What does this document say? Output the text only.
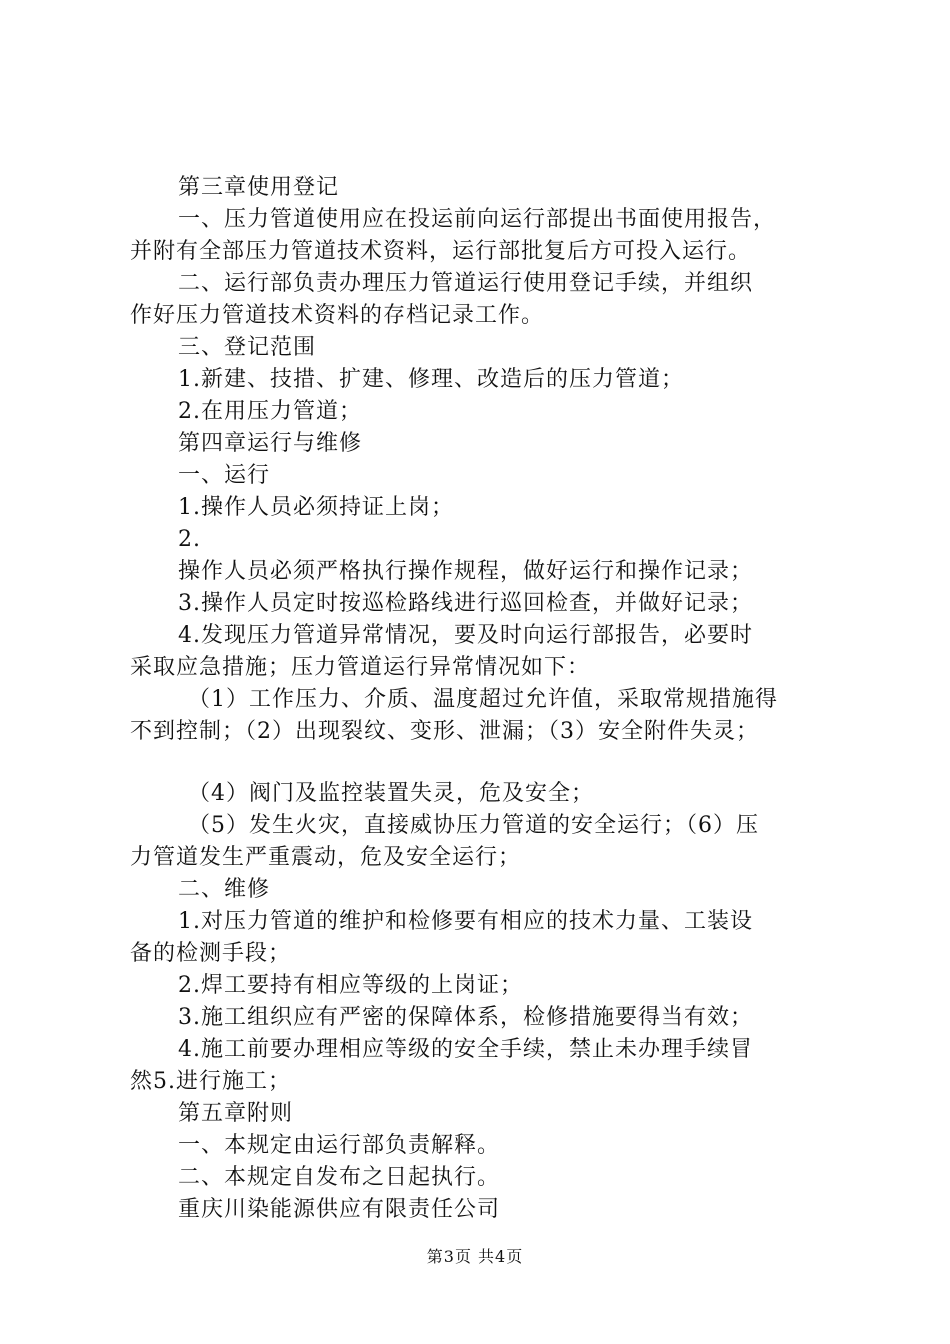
第三章使用登记
一、压力管道使用应在投运前向运行部提出书面使用报告，
并附有全部压力管道技术资料，运行部批复后方可投入运行。
二、运行部负责办理压力管道运行使用登记手续，并组织
作好压力管道技术资料的存档记录工作。
三、登记范围
1.新建、技措、扩建、修理、改造后的压力管道；
2.在用压力管道；
第四章运行与维修
一、运行
1.操作人员必须持证上岗；
2.
操作人员必须严格执行操作规程，做好运行和操作记录；
3.操作人员定时按巡检路线进行巡回检查，并做好记录；
4.发现压力管道异常情况，要及时向运行部报告，必要时
采取应急措施；压力管道运行异常情况如下：
（1）工作压力、介质、温度超过允许值，采取常规措施得
不到控制；（2）出现裂纹、变形、泄漏；（3）安全附件失灵；
（4）阀门及监控装置失灵，危及安全；
（5）发生火灾，直接威协压力管道的安全运行；（6）压
力管道发生严重震动，危及安全运行；
二、维修
1.对压力管道的维护和检修要有相应的技术力量、工装设
备的检测手段；
2.焊工要持有相应等级的上岗证；
3.施工组织应有严密的保障体系，检修措施要得当有效；
4.施工前要办理相应等级的安全手续，禁止未办理手续冒
然5.进行施工；
第五章附则
一、本规定由运行部负责解释。
二、本规定自发布之日起执行。
重庆川染能源供应有限责任公司
第3页 共4页
